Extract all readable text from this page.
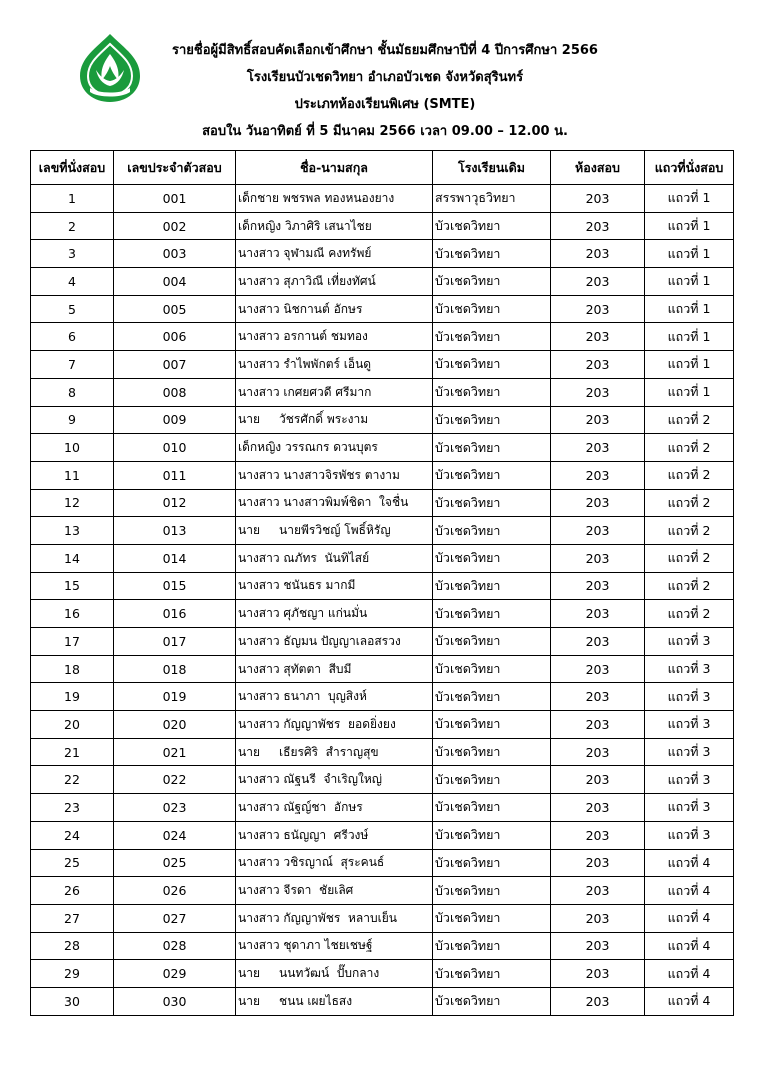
รายชื่อผู้มีสิทธิ์สอบคัดเลือกเข้าศึกษา ชั้นมัธยมศึกษาปีที่ 4 ปีการศึกษา 2566
โรงเรียนบัวเชดวิทยา อำเภอบัวเชด จังหวัดสุรินทร์
ประเภทห้องเรียนพิเศษ (SMTE)
สอบใน วันอาทิตย์ ที่ 5 มีนาคม 2566 เวลา 09.00 – 12.00 น.
เลขที่นั่งสอบ	เลขประจำตัวสอบ	ชื่อ-นามสกุล	โรงเรียนเดิม	ห้องสอบ	แถวที่นั่งสอบ
1	001	เด็กชาย พชรพล ทองหนองยาง	สรรพาวุธวิทยา	203	แถวที่ 1
2	002	เด็กหญิง วิภาศิริ เสนาไชย	บัวเชดวิทยา	203	แถวที่ 1
3	003	นางสาว จุฬามณี คงทรัพย์	บัวเชดวิทยา	203	แถวที่ 1
4	004	นางสาว สุภาวิณี เที่ยงทัศน์	บัวเชดวิทยา	203	แถวที่ 1
5	005	นางสาว นิชกานต์ อักษร	บัวเชดวิทยา	203	แถวที่ 1
6	006	นางสาว อรกานต์ ชมทอง	บัวเชดวิทยา	203	แถวที่ 1
7	007	นางสาว รำไพพักตร์ เอ็นดู	บัวเชดวิทยา	203	แถวที่ 1
8	008	นางสาว เกศยศวดี ศรีมาก	บัวเชดวิทยา	203	แถวที่ 1
9	009	นาย     วัชรศักดิ์ พระงาม	บัวเชดวิทยา	203	แถวที่ 2
10	010	เด็กหญิง วรรณกร ดวนบุตร	บัวเชดวิทยา	203	แถวที่ 2
11	011	นางสาว นางสาวจิรพัชร ตางาม	บัวเชดวิทยา	203	แถวที่ 2
12	012	นางสาว นางสาวพิมพ์ชิดา  ใจชื่น	บัวเชดวิทยา	203	แถวที่ 2
13	013	นาย     นายพีรวิชญ์ โพธิ์หิรัญ	บัวเชดวิทยา	203	แถวที่ 2
14	014	นางสาว ณภัทร  นันทิไสย์	บัวเชดวิทยา	203	แถวที่ 2
15	015	นางสาว ชนันธร มากมี	บัวเชดวิทยา	203	แถวที่ 2
16	016	นางสาว ศุภัชญา แก่นมั่น	บัวเชดวิทยา	203	แถวที่ 2
17	017	นางสาว ธัญมน ปัญญาเลอสรวง	บัวเชดวิทยา	203	แถวที่ 3
18	018	นางสาว สุทัตตา  สีบมี	บัวเชดวิทยา	203	แถวที่ 3
19	019	นางสาว ธนาภา  บุญสิงห์	บัวเชดวิทยา	203	แถวที่ 3
20	020	นางสาว กัญญาพัชร  ยอดยิ่งยง	บัวเชดวิทยา	203	แถวที่ 3
21	021	นาย     เธียรศิริ  สำราญสุข	บัวเชดวิทยา	203	แถวที่ 3
22	022	นางสาว ณัฐนรี  จำเริญใหญ่	บัวเชดวิทยา	203	แถวที่ 3
23	023	นางสาว ณัฐญ์ชา  อักษร	บัวเชดวิทยา	203	แถวที่ 3
24	024	นางสาว ธนัญญา  ศรีวงษ์	บัวเชดวิทยา	203	แถวที่ 3
25	025	นางสาว วชิรญาณ์  สุระคนธ์	บัวเชดวิทยา	203	แถวที่ 4
26	026	นางสาว จีรดา  ชัยเลิศ	บัวเชดวิทยา	203	แถวที่ 4
27	027	นางสาว กัญญาพัชร  หลาบเย็น	บัวเชดวิทยา	203	แถวที่ 4
28	028	นางสาว ชุดาภา ไชยเชษฐ์	บัวเชดวิทยา	203	แถวที่ 4
29	029	นาย     นนทวัฒน์  ปั๊บกลาง	บัวเชดวิทยา	203	แถวที่ 4
30	030	นาย     ชนน เผยไธสง	บัวเชดวิทยา	203	แถวที่ 4
